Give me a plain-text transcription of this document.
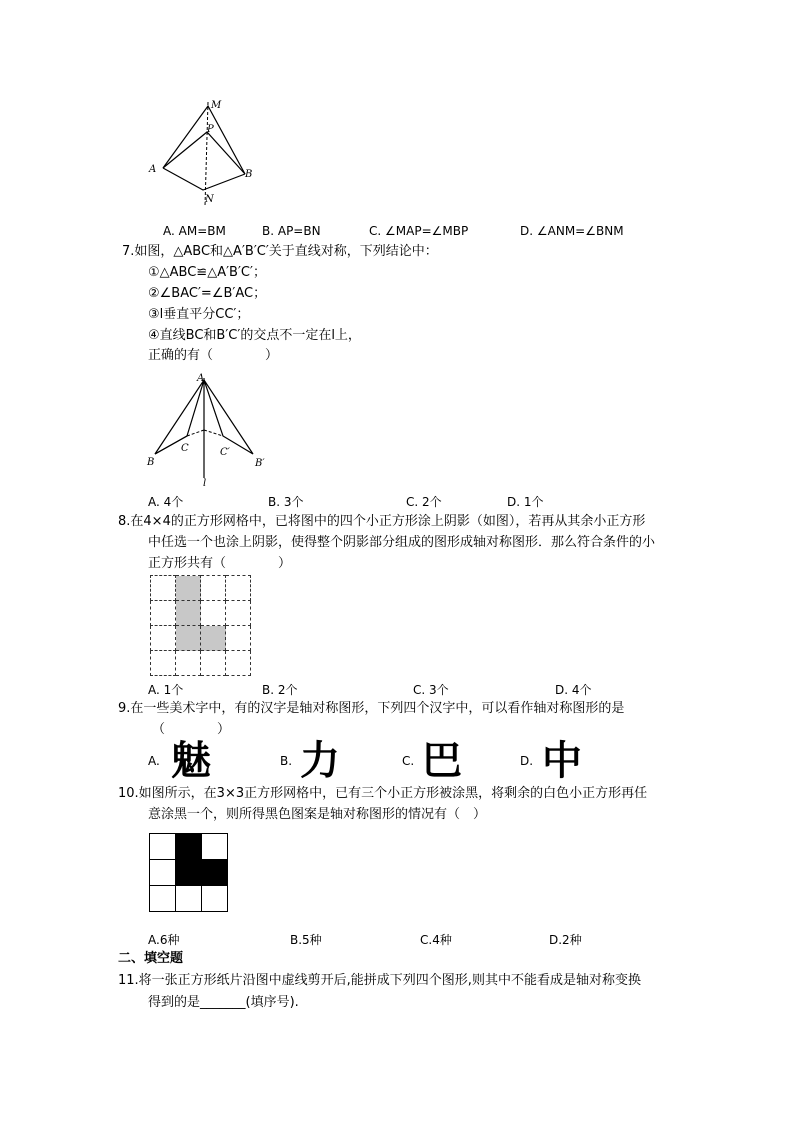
M
P
A	B
N
A. AM=BM	B. AP=BN	C. ∠MAP=∠MBP	D. ∠ANM=∠BNM
7.如图，△ABC和△A′B′C′关于直线对称，下列结论中：
①△ABC≌△A′B′C′；
②∠BAC′=∠B′AC；
③l垂直平分CC′；
④直线BC和B′C′的交点不一定在l上，
正确的有（　　　　）
A
B
C	C′
B′
l
A. 4个	B. 3个	C. 2个	D. 1个
8.在4×4的正方形网格中，已将图中的四个小正方形涂上阴影（如图），若再从其余小正方形
中任选一个也涂上阴影，使得整个阴影部分组成的图形成轴对称图形．那么符合条件的小
正方形共有（　　　　）

A. 1个	B. 2个	C. 3个	D. 4个
9.在一些美术字中，有的汉字是轴对称图形，下列四个汉字中，可以看作轴对称图形的是
（　　　　）
A. 魅	B. 力	C. 巴	D. 中
10.如图所示，在3×3正方形网格中，已有三个小正方形被涂黑，将剩余的白色小正方形再任
意涂黑一个，则所得黑色图案是轴对称图形的情况有（　）

A.6种	B.5种	C.4种	D.2种
二、填空题
11.将一张正方形纸片沿图中虚线剪开后,能拼成下列四个图形,则其中不能看成是轴对称变换
得到的是_______(填序号).
